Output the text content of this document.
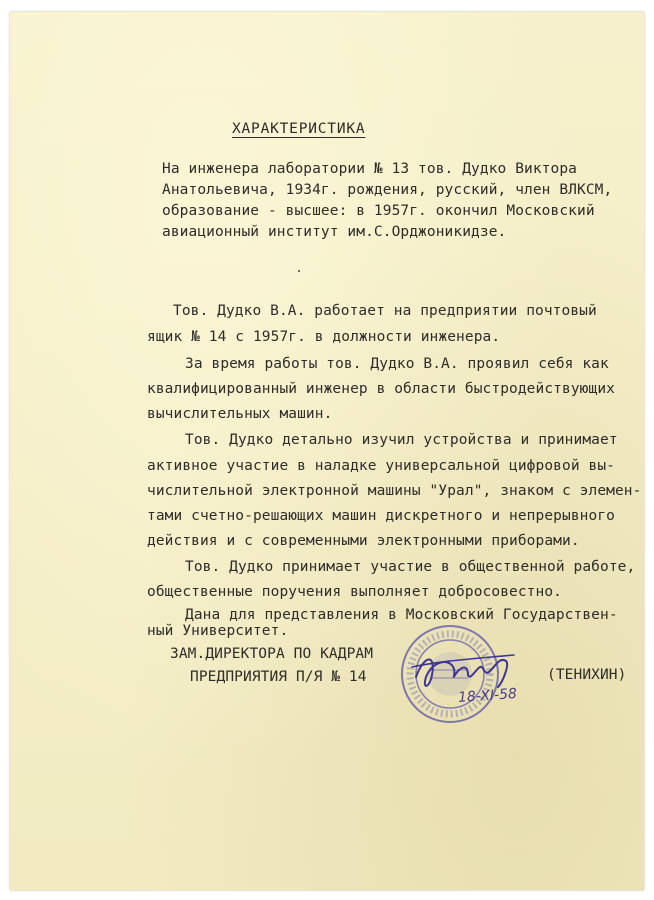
ХАРАКТЕРИСТИКА
На инженера лаборатории № 13 тов. Дудко Виктора
Анатольевича, 1934г. рождения, русский, член ВЛКСМ,
образование - высшее: в 1957г. окончил Московский
авиационный институт им.С.Орджоникидзе.
Тов. Дудко В.А. работает на предприятии почтовый
ящик № 14 с 1957г. в должности инженера.
За время работы тов. Дудко В.А. проявил себя как
квалифицированный инженер в области быстродействующих
вычислительных машин.
Тов. Дудко детально изучил устройства и принимает
активное участие в наладке универсальной цифровой вы-
числительной электронной машины "Урал", знаком с элемен-
тами счетно-решающих машин дискретного и непрерывного
действия и с современными электронными приборами.
Тов. Дудко принимает участие в общественной работе,
общественные поручения выполняет добросовестно.
Дана для представления в Московский Государствен-
ный Университет.
ЗАМ.ДИРЕКТОРА ПО КАДРАМ
ПРЕДПРИЯТИЯ П/Я № 14	(ТЕНИХИН)
18-XI-58
